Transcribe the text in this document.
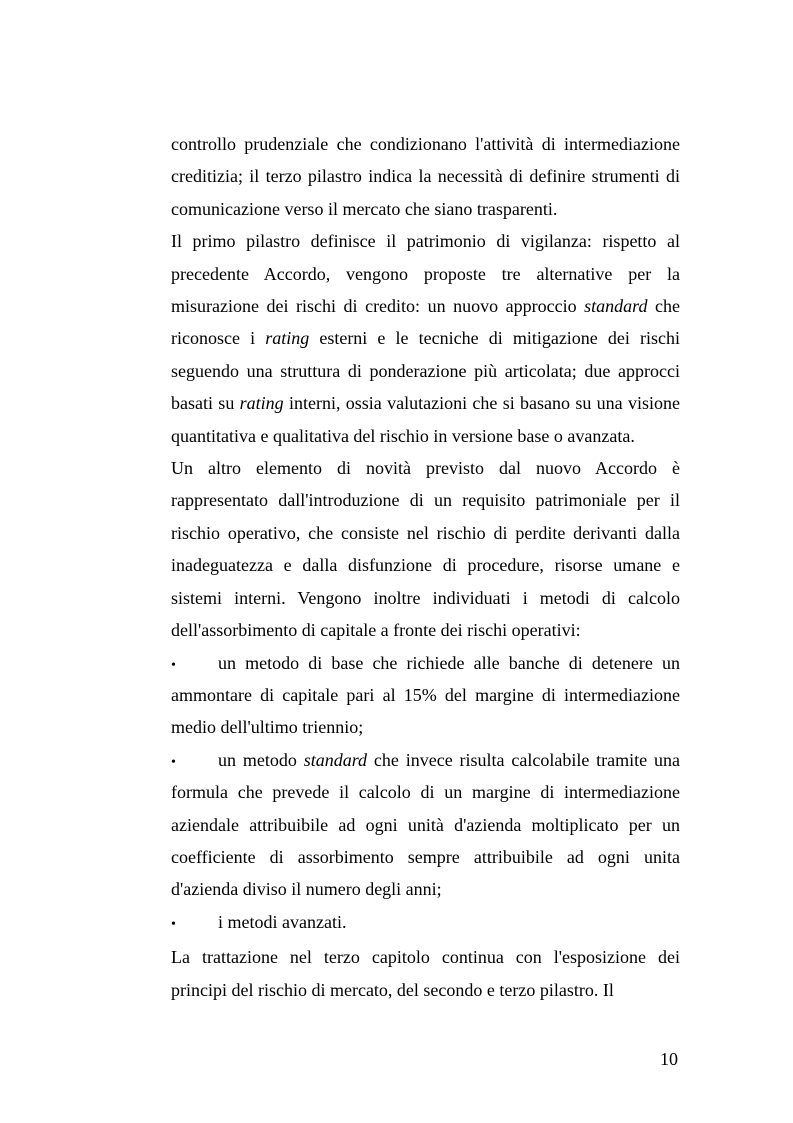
controllo prudenziale che condizionano l'attività di intermediazione creditizia; il terzo pilastro indica la necessità di definire strumenti di comunicazione verso il mercato che siano trasparenti.

Il primo pilastro definisce il patrimonio di vigilanza: rispetto al precedente Accordo, vengono proposte tre alternative per la misurazione dei rischi di credito: un nuovo approccio standard che riconosce i rating esterni e le tecniche di mitigazione dei rischi seguendo una struttura di ponderazione più articolata; due approcci basati su rating interni, ossia valutazioni che si basano su una visione quantitativa e qualitativa del rischio in versione base o avanzata.

Un altro elemento di novità previsto dal nuovo Accordo è rappresentato dall'introduzione di un requisito patrimoniale per il rischio operativo, che consiste nel rischio di perdite derivanti dalla inadeguatezza e dalla disfunzione di procedure, risorse umane e sistemi interni. Vengono inoltre individuati i metodi di calcolo dell'assorbimento di capitale a fronte dei rischi operativi:

•	un metodo di base che richiede alle banche di detenere un ammontare di capitale pari al 15% del margine di intermediazione medio dell'ultimo triennio;
•	un metodo standard che invece risulta calcolabile tramite una formula che prevede il calcolo di un margine di intermediazione aziendale attribuibile ad ogni unità d'azienda moltiplicato per un coefficiente di assorbimento sempre attribuibile ad ogni unita d'azienda diviso il numero degli anni;
•	i metodi avanzati.

La trattazione nel terzo capitolo continua con l'esposizione dei principi del rischio di mercato, del secondo e terzo pilastro. Il

10
